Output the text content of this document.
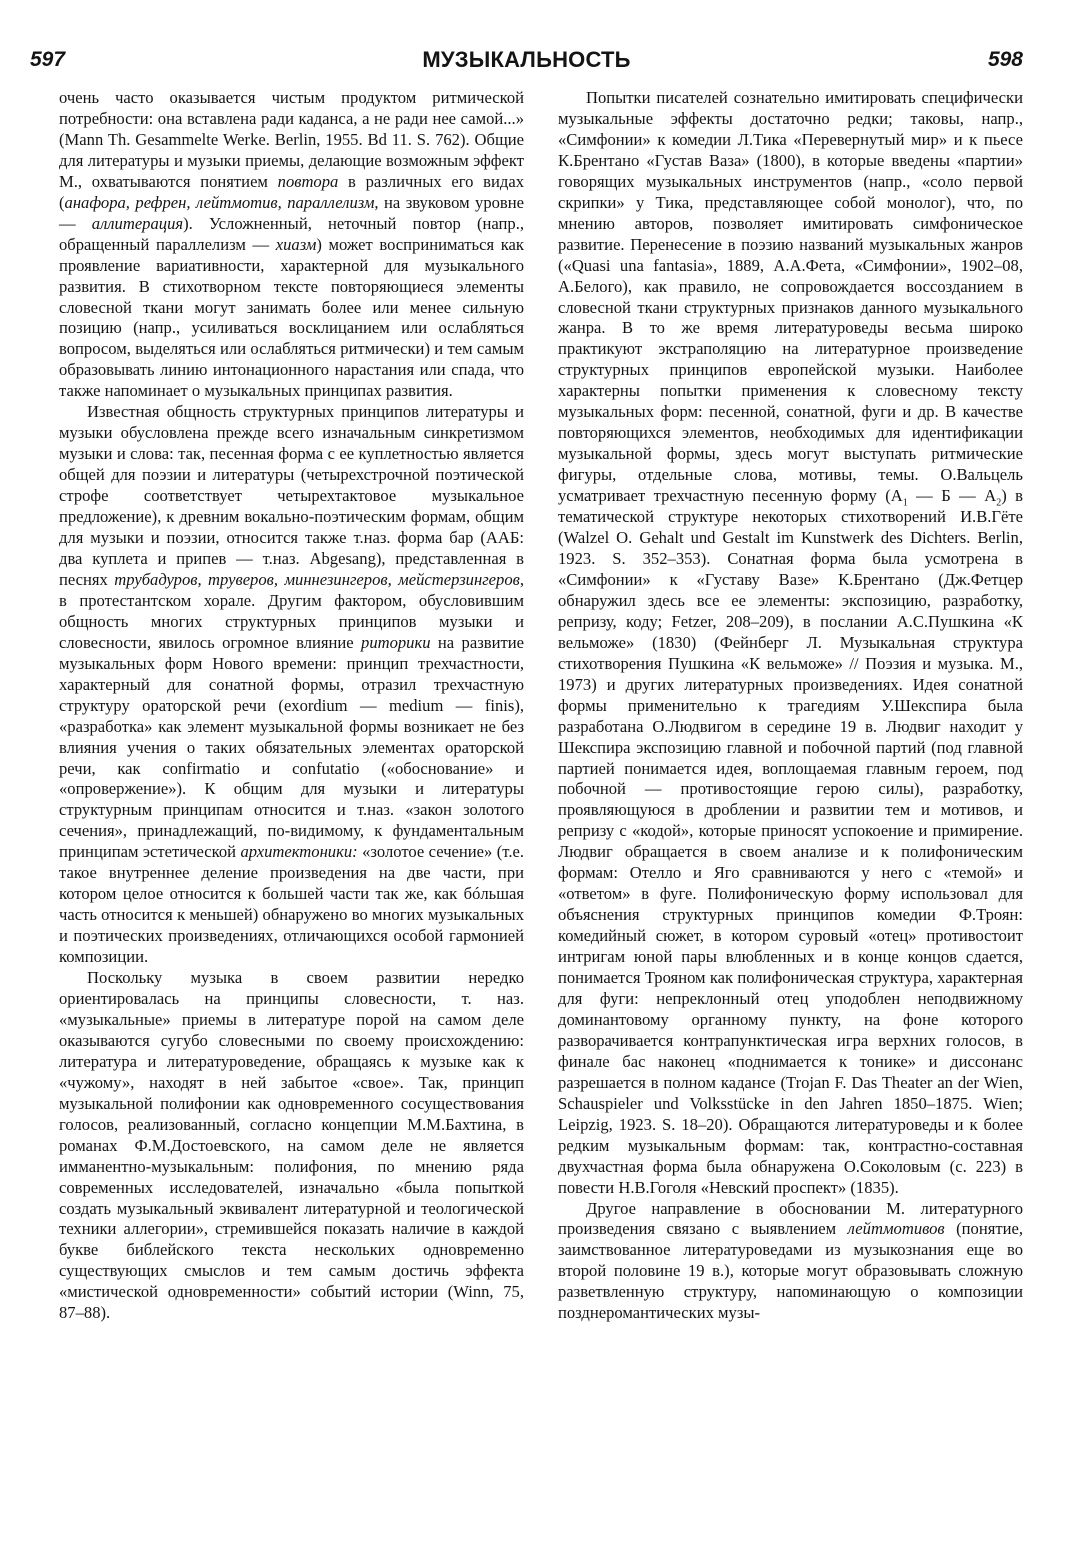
597	МУЗЫКАЛЬНОСТЬ	598

очень часто оказывается чистым продуктом ритмической потребности: она вставлена ради каданса, а не ради нее самой...» (Mann Th. Gesammelte Werke. Berlin, 1955. Bd 11. S. 762). Общие для литературы и музыки приемы, делающие возможным эффект М., охватываются понятием повтора в различных его видах (анафора, рефрен, лейтмотив, параллелизм, на звуковом уровне — аллитерация). Усложненный, неточный повтор (напр., обращенный параллелизм — хиазм) может восприниматься как проявление вариативности, характерной для музыкального развития. В стихотворном тексте повторяющиеся элементы словесной ткани могут занимать более или менее сильную позицию (напр., усиливаться восклицанием или ослабляться вопросом, выделяться или ослабляться ритмически) и тем самым образовывать линию интонационного нарастания или спада, что также напоминает о музыкальных принципах развития.

Известная общность структурных принципов литературы и музыки обусловлена прежде всего изначальным синкретизмом музыки и слова: так, песенная форма с ее куплетностью является общей для поэзии и литературы (четырехстрочной поэтической строфе соответствует четырехтактовое музыкальное предложение), к древним вокально-поэтическим формам, общим для музыки и поэзии, относится также т.наз. форма бар (ААБ: два куплета и припев — т.наз. Abgesang), представленная в песнях трубадуров, труверов, миннезингеров, мейстерзингеров, в протестантском хорале. Другим фактором, обусловившим общность многих структурных принципов музыки и словесности, явилось огромное влияние риторики на развитие музыкальных форм Нового времени: принцип трехчастности, характерный для сонатной формы, отразил трехчастную структуру ораторской речи (exordium — medium — finis), «разработка» как элемент музыкальной формы возникает не без влияния учения о таких обязательных элементах ораторской речи, как confirmatio и confutatio («обоснование» и «опровержение»). К общим для музыки и литературы структурным принципам относится и т.наз. «закон золотого сечения», принадлежащий, по-видимому, к фундаментальным принципам эстетической архитектоники: «золотое сечение» (т.е. такое внутреннее деление произведения на две части, при котором целое относится к большей части так же, как бóльшая часть относится к меньшей) обнаружено во многих музыкальных и поэтических произведениях, отличающихся особой гармонией композиции.

Поскольку музыка в своем развитии нередко ориентировалась на принципы словесности, т. наз. «музыкальные» приемы в литературе порой на самом деле оказываются сугубо словесными по своему происхождению: литература и литературоведение, обращаясь к музыке как к «чужому», находят в ней забытое «свое». Так, принцип музыкальной полифонии как одновременного сосуществования голосов, реализованный, согласно концепции М.М.Бахтина, в романах Ф.М.Достоевского, на самом деле не является имманентно-музыкальным: полифония, по мнению ряда современных исследователей, изначально «была попыткой создать музыкальный эквивалент литературной и теологической техники аллегории», стремившейся показать наличие в каждой букве библейского текста нескольких одновременно существующих смыслов и тем самым достичь эффекта «мистической одновременности» событий истории (Winn, 75, 87–88).

Попытки писателей сознательно имитировать специфически музыкальные эффекты достаточно редки; таковы, напр., «Симфонии» к комедии Л.Тика «Перевернутый мир» и к пьесе К.Брентано «Густав Ваза» (1800), в которые введены «партии» говорящих музыкальных инструментов (напр., «соло первой скрипки» у Тика, представляющее собой монолог), что, по мнению авторов, позволяет имитировать симфоническое развитие. Перенесение в поэзию названий музыкальных жанров («Quasi una fantasia», 1889, А.А.Фета, «Симфонии», 1902–08, А.Белого), как правило, не сопровождается воссозданием в словесной ткани структурных признаков данного музыкального жанра. В то же время литературоведы весьма широко практикуют экстраполяцию на литературное произведение структурных принципов европейской музыки. Наиболее характерны попытки применения к словесному тексту музыкальных форм: песенной, сонатной, фуги и др. В качестве повторяющихся элементов, необходимых для идентификации музыкальной формы, здесь могут выступать ритмические фигуры, отдельные слова, мотивы, темы. О.Вальцель усматривает трехчастную песенную форму ($А_1$ — Б — $А_2$) в тематической структуре некоторых стихотворений И.В.Гёте (Walzel O. Gehalt und Gestalt im Kunstwerk des Dichters. Berlin, 1923. S. 352–353). Сонатная форма была усмотрена в «Симфонии» к «Густаву Вазе» К.Брентано (Дж.Фетцер обнаружил здесь все ее элементы: экспозицию, разработку, репризу, коду; Fetzer, 208–209), в послании А.С.Пушкина «К вельможе» (1830) (Фейнберг Л. Музыкальная структура стихотворения Пушкина «К вельможе» // Поэзия и музыка. М., 1973) и других литературных произведениях. Идея сонатной формы применительно к трагедиям У.Шекспира была разработана О.Людвигом в середине 19 в. Людвиг находит у Шекспира экспозицию главной и побочной партий (под главной партией понимается идея, воплощаемая главным героем, под побочной — противостоящие герою силы), разработку, проявляющуюся в дроблении и развитии тем и мотивов, и репризу с «кодой», которые приносят успокоение и примирение. Людвиг обращается в своем анализе и к полифоническим формам: Отелло и Яго сравниваются у него с «темой» и «ответом» в фуге. Полифоническую форму использовал для объяснения структурных принципов комедии Ф.Троян: комедийный сюжет, в котором суровый «отец» противостоит интригам юной пары влюбленных и в конце концов сдается, понимается Трояном как полифоническая структура, характерная для фуги: непреклонный отец уподоблен неподвижному доминантовому органному пункту, на фоне которого разворачивается контрапунктическая игра верхних голосов, в финале бас наконец «поднимается к тонике» и диссонанс разрешается в полном кадансе (Trojan F. Das Theater an der Wien, Schauspieler und Volksstücke in den Jahren 1850–1875. Wien; Leipzig, 1923. S. 18–20). Обращаются литературоведы и к более редким музыкальным формам: так, контрастно-составная двухчастная форма была обнаружена О.Соколовым (с. 223) в повести Н.В.Гоголя «Невский проспект» (1835).

Другое направление в обосновании М. литературного произведения связано с выявлением лейтмотивов (понятие, заимствованное литературоведами из музыкознания еще во второй половине 19 в.), которые могут образовывать сложную разветвленную структуру, напоминающую о композиции позднеромантических музы-
